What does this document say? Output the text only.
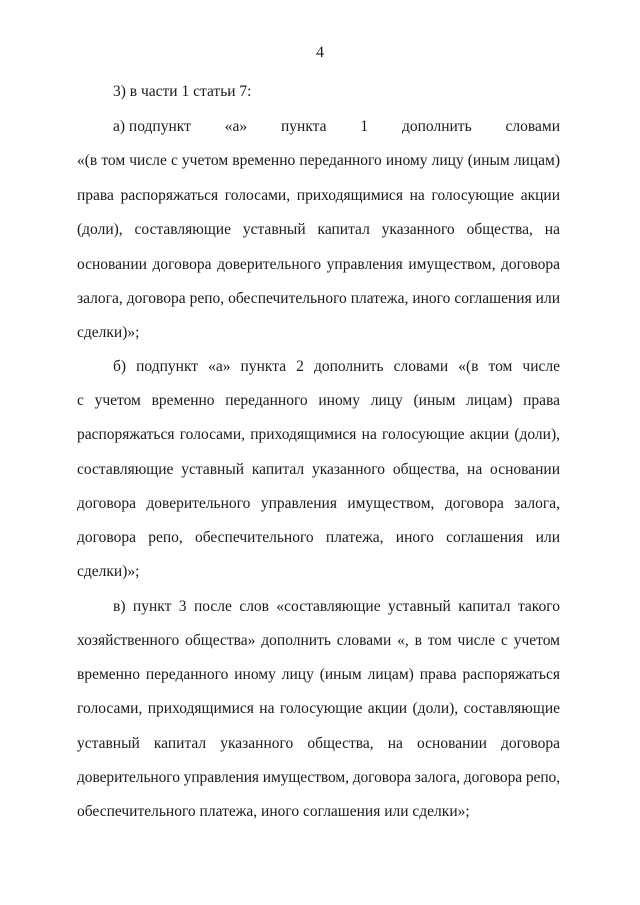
4
3) в части 1 статьи 7:
а) подпункт «а» пункта 1 дополнить словами
«(в том числе с учетом временно переданного иному лицу (иным лицам)
права распоряжаться голосами, приходящимися на голосующие акции
(доли), составляющие уставный капитал указанного общества, на
основании договора доверительного управления имуществом, договора
залога, договора репо, обеспечительного платежа, иного соглашения или
сделки)»;
б) подпункт «а» пункта 2 дополнить словами «(в том числе
с учетом временно переданного иному лицу (иным лицам) права
распоряжаться голосами, приходящимися на голосующие акции (доли),
составляющие уставный капитал указанного общества, на основании
договора доверительного управления имуществом, договора залога,
договора репо, обеспечительного платежа, иного соглашения или
сделки)»;
в) пункт 3 после слов «составляющие уставный капитал такого
хозяйственного общества» дополнить словами «, в том числе с учетом
временно переданного иному лицу (иным лицам) права распоряжаться
голосами, приходящимися на голосующие акции (доли), составляющие
уставный капитал указанного общества, на основании договора
доверительного управления имуществом, договора залога, договора репо,
обеспечительного платежа, иного соглашения или сделки»;
